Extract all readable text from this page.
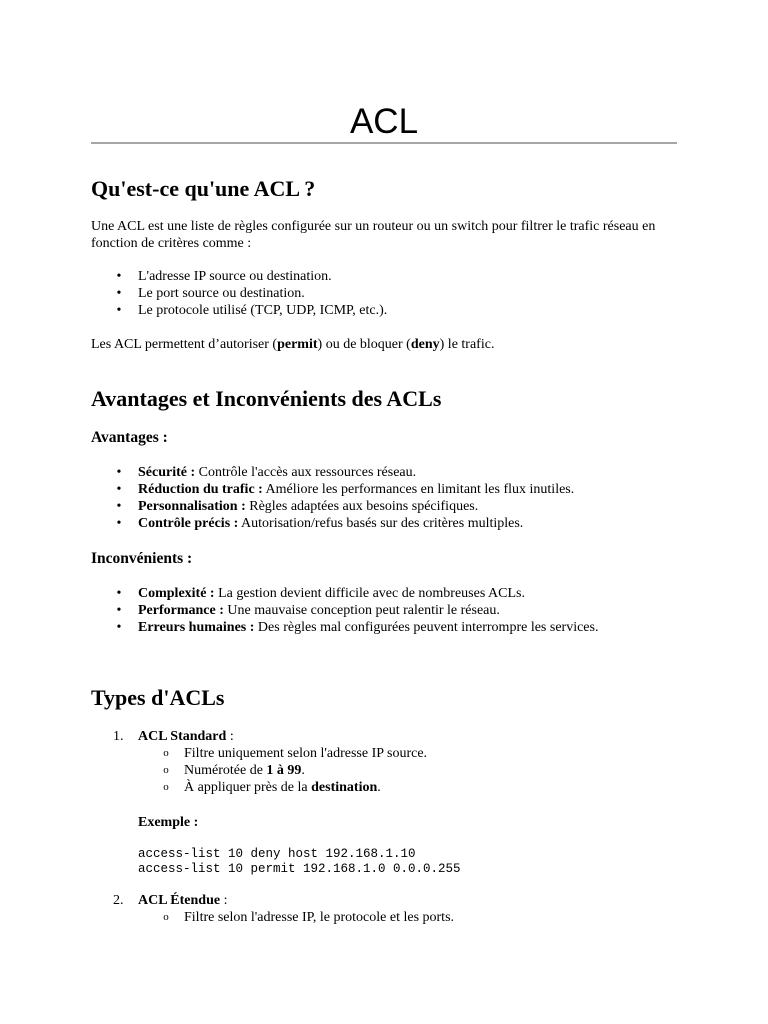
ACL
Qu'est-ce qu'une ACL ?

Une ACL est une liste de règles configurée sur un routeur ou un switch pour filtrer le trafic réseau en fonction de critères comme :

• L'adresse IP source ou destination.
• Le port source ou destination.
• Le protocole utilisé (TCP, UDP, ICMP, etc.).

Les ACL permettent d’autoriser (permit) ou de bloquer (deny) le trafic.

Avantages et Inconvénients des ACLs
Avantages :
• Sécurité : Contrôle l'accès aux ressources réseau.
• Réduction du trafic : Améliore les performances en limitant les flux inutiles.
• Personnalisation : Règles adaptées aux besoins spécifiques.
• Contrôle précis : Autorisation/refus basés sur des critères multiples.
Inconvénients :
• Complexité : La gestion devient difficile avec de nombreuses ACLs.
• Performance : Une mauvaise conception peut ralentir le réseau.
• Erreurs humaines : Des règles mal configurées peuvent interrompre les services.
Types d'ACLs
1. ACL Standard :
o Filtre uniquement selon l'adresse IP source.
o Numérotée de 1 à 99.
o À appliquer près de la destination.

Exemple :

access-list 10 deny host 192.168.1.10
access-list 10 permit 192.168.1.0 0.0.0.255
2. ACL Étendue :
o Filtre selon l'adresse IP, le protocole et les ports.
